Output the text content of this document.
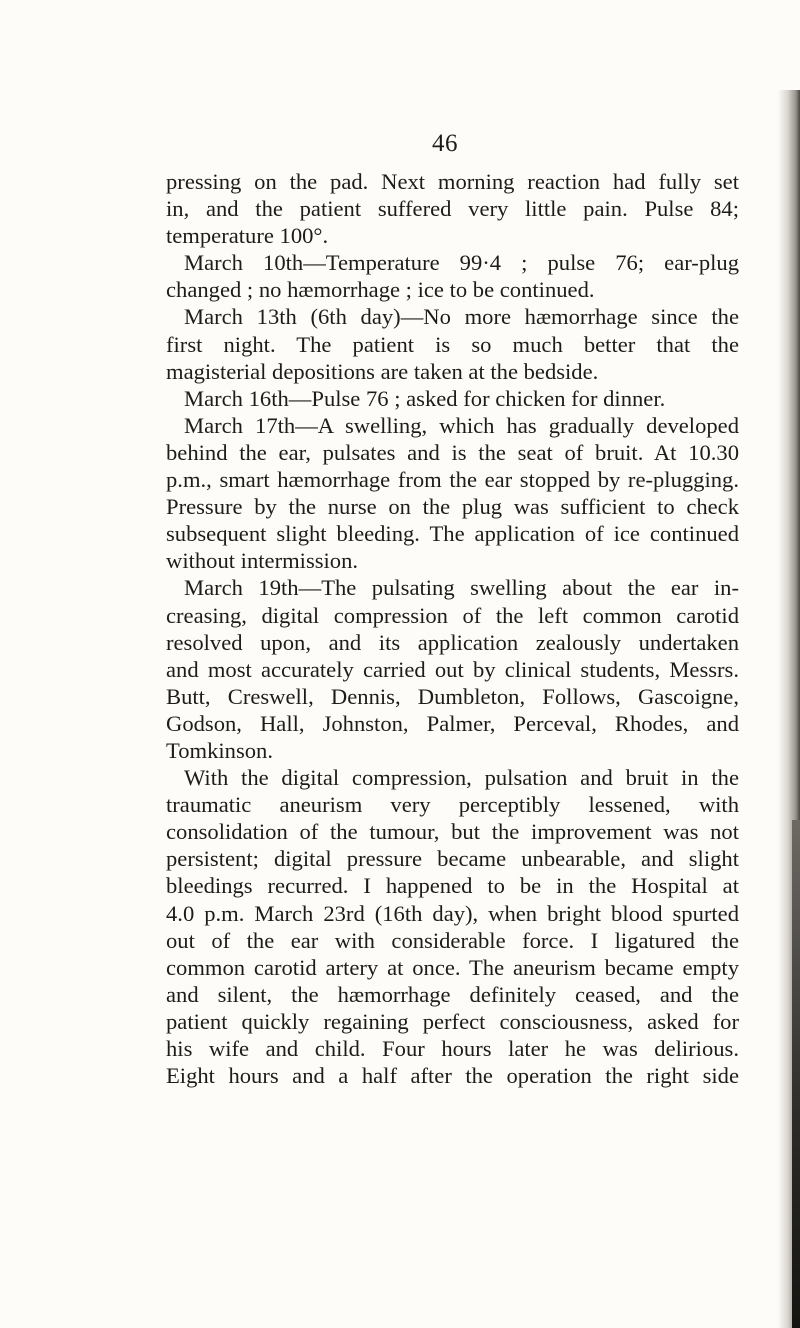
46
pressing on the pad. Next morning reaction had fully set
in, and the patient suffered very little pain. Pulse 84;
temperature 100°.
March 10th—Temperature 99·4 ; pulse 76; ear-plug
changed ; no hæmorrhage ; ice to be continued.
March 13th (6th day)—No more hæmorrhage since the
first night. The patient is so much better that the
magisterial depositions are taken at the bedside.
March 16th—Pulse 76 ; asked for chicken for dinner.
March 17th—A swelling, which has gradually developed
behind the ear, pulsates and is the seat of bruit. At 10.30
p.m., smart hæmorrhage from the ear stopped by re-plugging.
Pressure by the nurse on the plug was sufficient to check
subsequent slight bleeding. The application of ice continued
without intermission.
March 19th—The pulsating swelling about the ear in-
creasing, digital compression of the left common carotid
resolved upon, and its application zealously undertaken
and most accurately carried out by clinical students, Messrs.
Butt, Creswell, Dennis, Dumbleton, Follows, Gascoigne,
Godson, Hall, Johnston, Palmer, Perceval, Rhodes, and
Tomkinson.
With the digital compression, pulsation and bruit in the
traumatic aneurism very perceptibly lessened, with
consolidation of the tumour, but the improvement was not
persistent; digital pressure became unbearable, and slight
bleedings recurred. I happened to be in the Hospital at
4.0 p.m. March 23rd (16th day), when bright blood spurted
out of the ear with considerable force. I ligatured the
common carotid artery at once. The aneurism became empty
and silent, the hæmorrhage definitely ceased, and the
patient quickly regaining perfect consciousness, asked for
his wife and child. Four hours later he was delirious.
Eight hours and a half after the operation the right side
